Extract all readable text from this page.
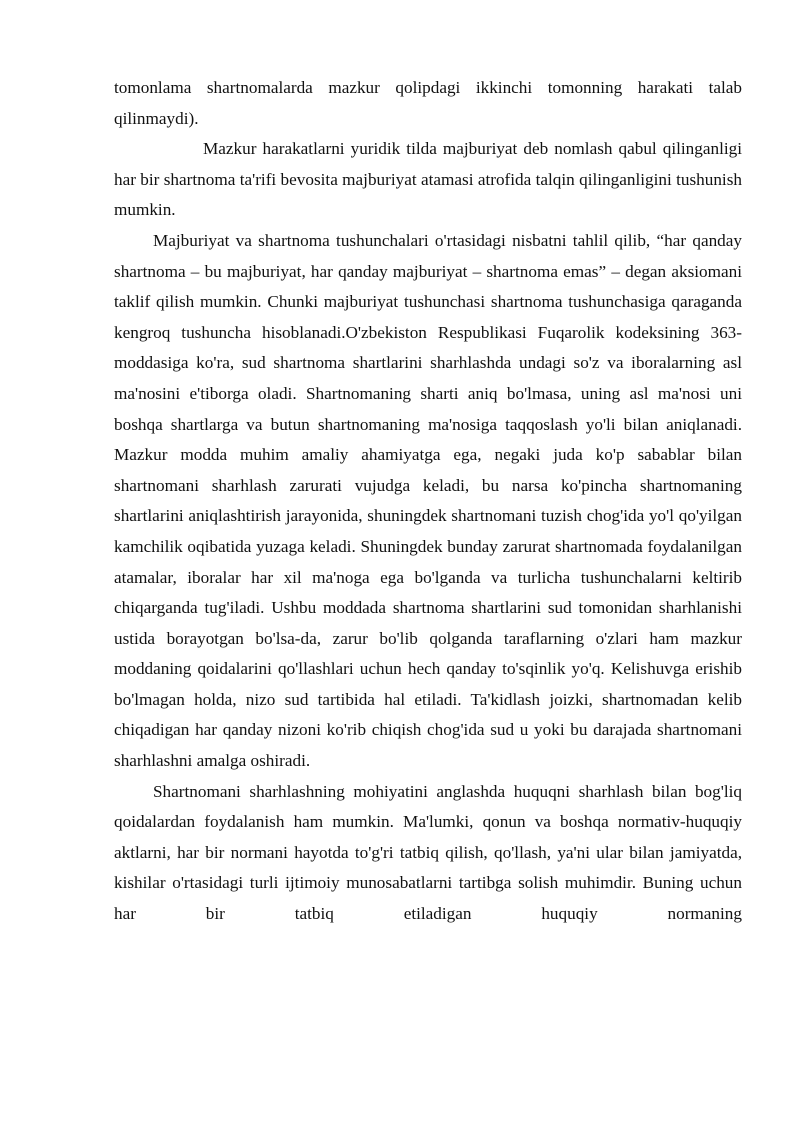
tomonlama shartnomalarda mazkur qolipdagi ikkinchi tomonning harakati talab qilinmaydi).

Mazkur harakatlarni yuridik tilda majburiyat deb nomlash qabul qilinganligi har bir shartnoma ta'rifi bevosita majburiyat atamasi atrofida talqin qilinganligini tushunish mumkin.

Majburiyat va shartnoma tushunchalari o'rtasidagi nisbatni tahlil qilib, “har qanday shartnoma – bu majburiyat, har qanday majburiyat – shartnoma emas” – degan aksiomani taklif qilish mumkin. Chunki majburiyat tushunchasi shartnoma tushunchasiga qaraganda kengroq tushuncha hisoblanadi.O'zbekiston Respublikasi Fuqarolik kodeksining 363-moddasiga ko'ra, sud shartnoma shartlarini sharhlashda undagi so'z va iboralarning asl ma'nosini e'tiborga oladi. Shartnomaning sharti aniq bo'lmasa, uning asl ma'nosi uni boshqa shartlarga va butun shartnomaning ma'nosiga taqqoslash yo'li bilan aniqlanadi. Mazkur modda muhim amaliy ahamiyatga ega, negaki juda ko'p sabablar bilan shartnomani sharhlash zarurati vujudga keladi, bu narsa ko'pincha shartnomaning shartlarini aniqlashtirish jarayonida, shuningdek shartnomani tuzish chog'ida yo'l qo'yilgan kamchilik oqibatida yuzaga keladi. Shuningdek bunday zarurat shartnomada foydalanilgan atamalar, iboralar har xil ma'noga ega bo'lganda va turlicha tushunchalarni keltirib chiqarganda tug'iladi. Ushbu moddada shartnoma shartlarini sud tomonidan sharhlanishi ustida borayotgan bo'lsa-da, zarur bo'lib qolganda taraflarning o'zlari ham mazkur moddaning qoidalarini qo'llashlari uchun hech qanday to'sqinlik yo'q. Kelishuvga erishib bo'lmagan holda, nizo sud tartibida hal etiladi. Ta'kidlash joizki, shartnomadan kelib chiqadigan har qanday nizoni ko'rib chiqish chog'ida sud u yoki bu darajada shartnomani sharhlashni amalga oshiradi.

Shartnomani sharhlashning mohiyatini anglashda huquqni sharhlash bilan bog'liq qoidalardan foydalanish ham mumkin. Ma'lumki, qonun va boshqa normativ-huquqiy aktlarni, har bir normani hayotda to'g'ri tatbiq qilish, qo'llash, ya'ni ular bilan jamiyatda, kishilar o'rtasidagi turli ijtimoiy munosabatlarni tartibga solish muhimdir. Buning uchun har bir tatbiq etiladigan huquqiy normaning
